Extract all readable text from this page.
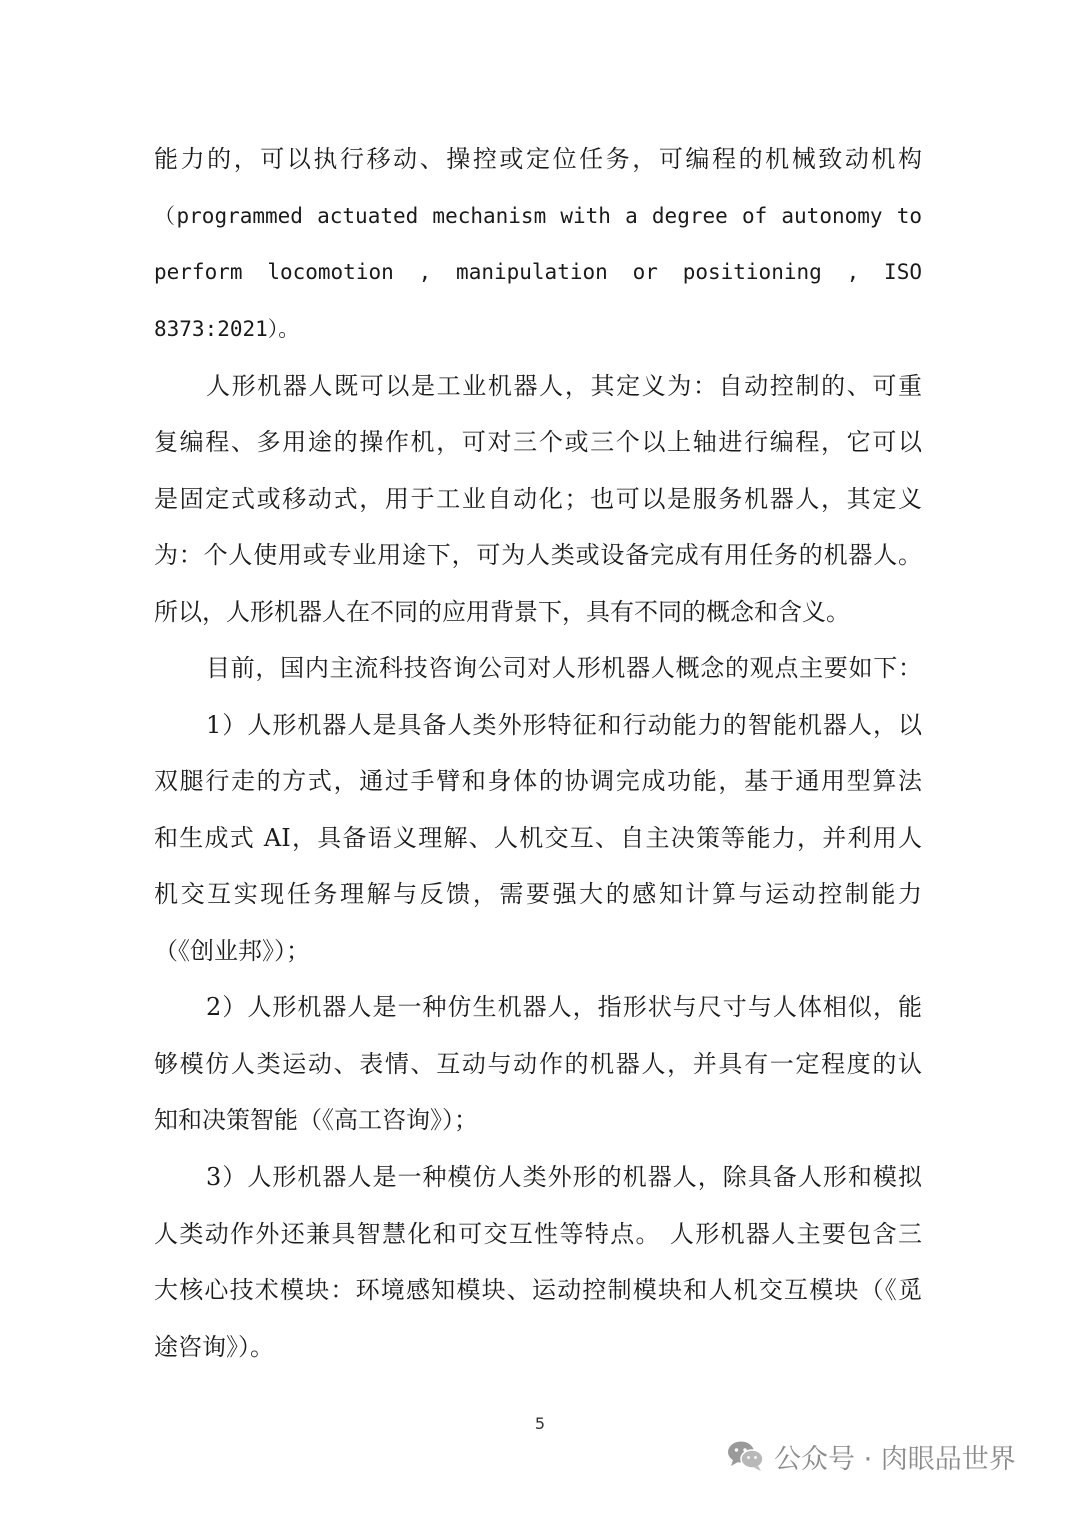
能力的，可以执行移动、操控或定位任务，可编程的机械致动机构
（programmed actuated mechanism with a degree of autonomy to
perform locomotion , manipulation or positioning , ISO
8373:2021）。
人形机器人既可以是工业机器人，其定义为：自动控制的、可重
复编程、多用途的操作机，可对三个或三个以上轴进行编程，它可以
是固定式或移动式，用于工业自动化；也可以是服务机器人，其定义
为：个人使用或专业用途下，可为人类或设备完成有用任务的机器人。
所以，人形机器人在不同的应用背景下，具有不同的概念和含义。
目前，国内主流科技咨询公司对人形机器人概念的观点主要如下：
1）人形机器人是具备人类外形特征和行动能力的智能机器人，以
双腿行走的方式，通过手臂和身体的协调完成功能，基于通用型算法
和生成式 AI，具备语义理解、人机交互、自主决策等能力，并利用人
机交互实现任务理解与反馈，需要强大的感知计算与运动控制能力
（《创业邦》）；
2）人形机器人是一种仿生机器人，指形状与尺寸与人体相似，能
够模仿人类运动、表情、互动与动作的机器人，并具有一定程度的认
知和决策智能（《高工咨询》）；
3）人形机器人是一种模仿人类外形的机器人，除具备人形和模拟
人类动作外还兼具智慧化和可交互性等特点。 人形机器人主要包含三
大核心技术模块：环境感知模块、运动控制模块和人机交互模块（《觅
途咨询》）。
5
公众号 · 肉眼品世界
